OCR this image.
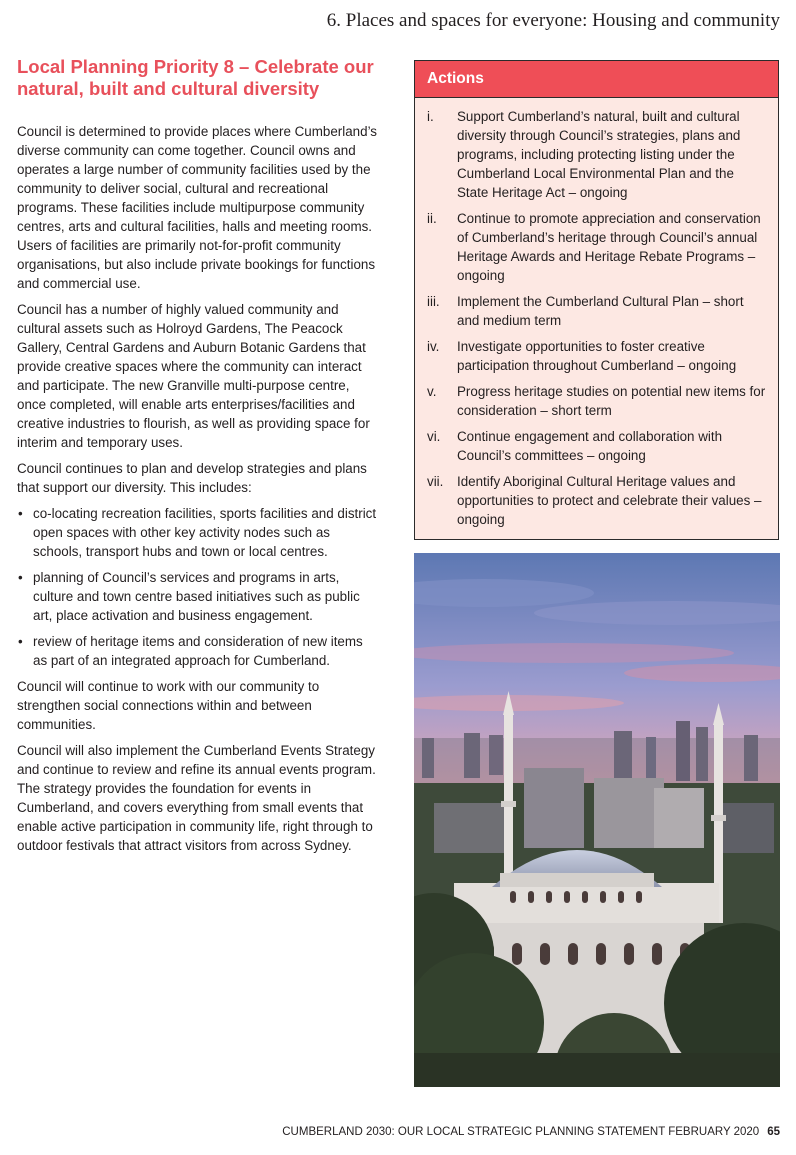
6. Places and spaces for everyone: Housing and community
Local Planning Priority 8 – Celebrate our natural, built and cultural diversity

Council is determined to provide places where Cumberland’s diverse community can come together. Council owns and operates a large number of community facilities used by the community to deliver social, cultural and recreational programs. These facilities include multipurpose community centres, arts and cultural facilities, halls and meeting rooms. Users of facilities are primarily not-for-profit community organisations, but also include private bookings for functions and commercial use.

Council has a number of highly valued community and cultural assets such as Holroyd Gardens, The Peacock Gallery, Central Gardens and Auburn Botanic Gardens that provide creative spaces where the community can interact and participate. The new Granville multi-purpose centre, once completed, will enable arts enterprises/facilities and creative industries to flourish, as well as providing space for interim and temporary uses.

Council continues to plan and develop strategies and plans that support our diversity. This includes:

• co-locating recreation facilities, sports facilities and district open spaces with other key activity nodes such as schools, transport hubs and town or local centres.
• planning of Council’s services and programs in arts, culture and town centre based initiatives such as public art, place activation and business engagement.
• review of heritage items and consideration of new items as part of an integrated approach for Cumberland.

Council will continue to work with our community to strengthen social connections within and between communities.

Council will also implement the Cumberland Events Strategy and continue to review and refine its annual events program. The strategy provides the foundation for events in Cumberland, and covers everything from small events that enable active participation in community life, right through to outdoor festivals that attract visitors from across Sydney.

Actions
i.	Support Cumberland’s natural, built and cultural diversity through Council’s strategies, plans and programs, including protecting listing under the Cumberland Local Environmental Plan and the State Heritage Act – ongoing
ii.	Continue to promote appreciation and conservation of Cumberland’s heritage through Council’s annual Heritage Awards and Heritage Rebate Programs – ongoing
iii.	Implement the Cumberland Cultural Plan – short and medium term
iv.	Investigate opportunities to foster creative participation throughout Cumberland – ongoing
v.	Progress heritage studies on potential new items for consideration – short term
vi.	Continue engagement and collaboration with Council’s committees – ongoing
vii.	Identify Aboriginal Cultural Heritage values and opportunities to protect and celebrate their values – ongoing
CUMBERLAND 2030: OUR LOCAL STRATEGIC PLANNING STATEMENT FEBRUARY 2020 65
